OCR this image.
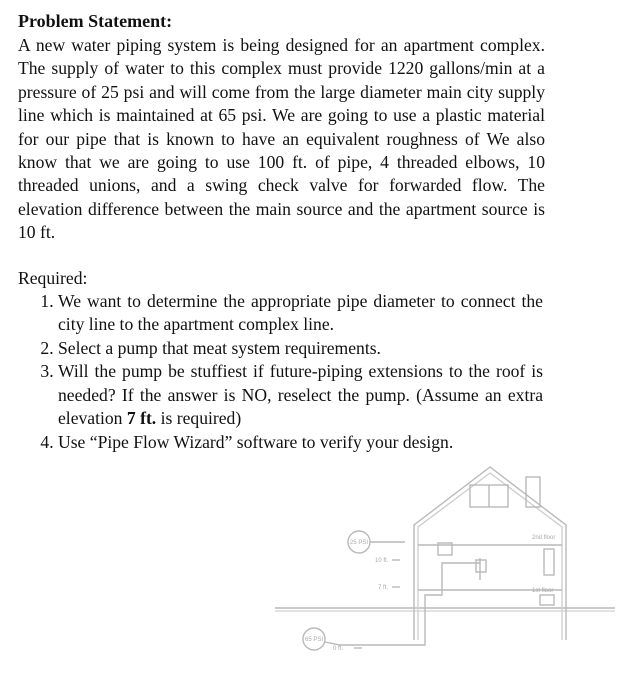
Problem Statement:

A new water piping system is being designed for an apartment complex. The supply of water to this complex must provide 1220 gallons/min at a pressure of 25 psi and will come from the large diameter main city supply line which is maintained at 65 psi. We are going to use a plastic material for our pipe that is known to have an equivalent roughness of We also know that we are going to use 100 ft. of pipe, 4 threaded elbows, 10 threaded unions, and a swing check valve for forwarded flow. The elevation difference between the main source and the apartment source is 10 ft.

Required:

1. We want to determine the appropriate pipe diameter to connect the city line to the apartment complex line.
2. Select a pump that meat system requirements.
3. Will the pump be stuffiest if future-piping extensions to the roof is needed? If the answer is NO, reselect the pump. (Assume an extra elevation 7 ft. is required)
4. Use “Pipe Flow Wizard” software to verify your design.
25 PSI
65 PSI
10 ft.
7 ft.
0 ft.
2nd floor
1st floor
